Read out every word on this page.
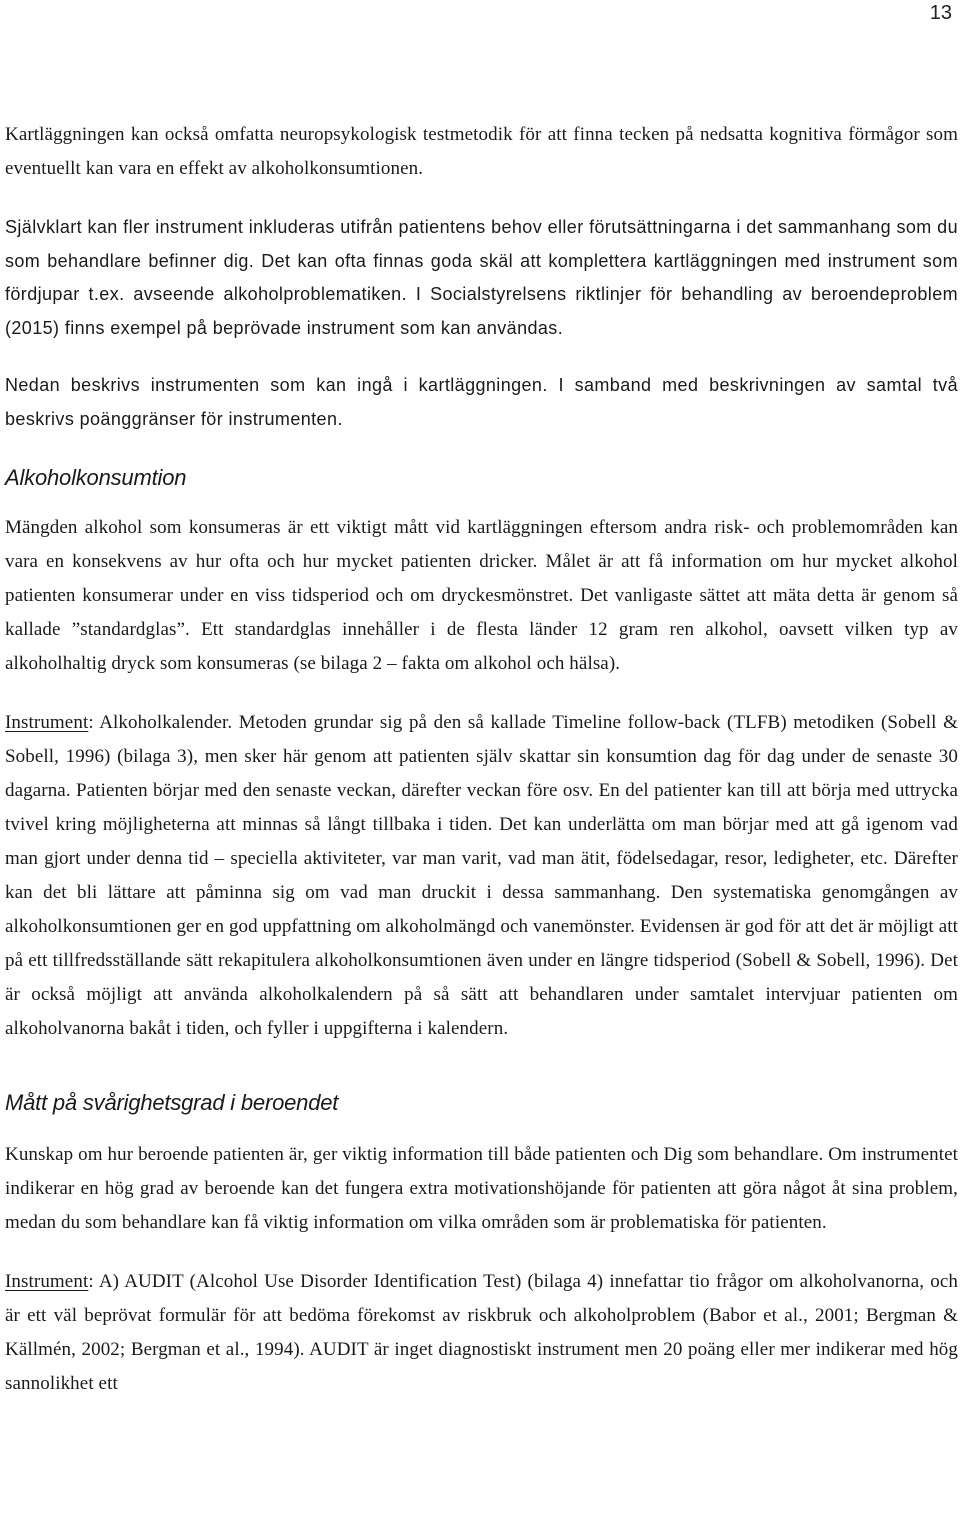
13

Kartläggningen kan också omfatta neuropsykologisk testmetodik för att finna tecken på nedsatta kognitiva förmågor som eventuellt kan vara en effekt av alkoholkonsumtionen.

Självklart kan fler instrument inkluderas utifrån patientens behov eller förutsättningarna i det sammanhang som du som behandlare befinner dig. Det kan ofta finnas goda skäl att komplettera kartläggningen med instrument som fördjupar t.ex. avseende alkoholproblematiken. I Socialstyrelsens riktlinjer för behandling av beroendeproblem (2015) finns exempel på beprövade instrument som kan användas.

Nedan beskrivs instrumenten som kan ingå i kartläggningen. I samband med beskrivningen av samtal två beskrivs poänggränser för instrumenten.

Alkoholkonsumtion

Mängden alkohol som konsumeras är ett viktigt mått vid kartläggningen eftersom andra risk- och problemområden kan vara en konsekvens av hur ofta och hur mycket patienten dricker. Målet är att få information om hur mycket alkohol patienten konsumerar under en viss tidsperiod och om dryckesmönstret. Det vanligaste sättet att mäta detta är genom så kallade ”standardglas”. Ett standardglas innehåller i de flesta länder 12 gram ren alkohol, oavsett vilken typ av alkoholhaltig dryck som konsumeras (se bilaga 2 – fakta om alkohol och hälsa).

Instrument: Alkoholkalender. Metoden grundar sig på den så kallade Timeline follow-back (TLFB) metodiken (Sobell & Sobell, 1996) (bilaga 3), men sker här genom att patienten själv skattar sin konsumtion dag för dag under de senaste 30 dagarna. Patienten börjar med den senaste veckan, därefter veckan före osv. En del patienter kan till att börja med uttrycka tvivel kring möjligheterna att minnas så långt tillbaka i tiden. Det kan underlätta om man börjar med att gå igenom vad man gjort under denna tid – speciella aktiviteter, var man varit, vad man ätit, födelsedagar, resor, ledigheter, etc. Därefter kan det bli lättare att påminna sig om vad man druckit i dessa sammanhang. Den systematiska genomgången av alkoholkonsumtionen ger en god uppfattning om alkoholmängd och vanemönster. Evidensen är god för att det är möjligt att på ett tillfredsställande sätt rekapitulera alkoholkonsumtionen även under en längre tidsperiod (Sobell & Sobell, 1996). Det är också möjligt att använda alkoholkalendern på så sätt att behandlaren under samtalet intervjuar patienten om alkoholvanorna bakåt i tiden, och fyller i uppgifterna i kalendern.

Mått på svårighetsgrad i beroendet

Kunskap om hur beroende patienten är, ger viktig information till både patienten och Dig som behandlare. Om instrumentet indikerar en hög grad av beroende kan det fungera extra motivationshöjande för patienten att göra något åt sina problem, medan du som behandlare kan få viktig information om vilka områden som är problematiska för patienten.

Instrument: A) AUDIT (Alcohol Use Disorder Identification Test) (bilaga 4) innefattar tio frågor om alkoholvanorna, och är ett väl beprövat formulär för att bedöma förekomst av riskbruk och alkoholproblem (Babor et al., 2001; Bergman & Källmén, 2002; Bergman et al., 1994). AUDIT är inget diagnostiskt instrument men 20 poäng eller mer indikerar med hög sannolikhet ett
